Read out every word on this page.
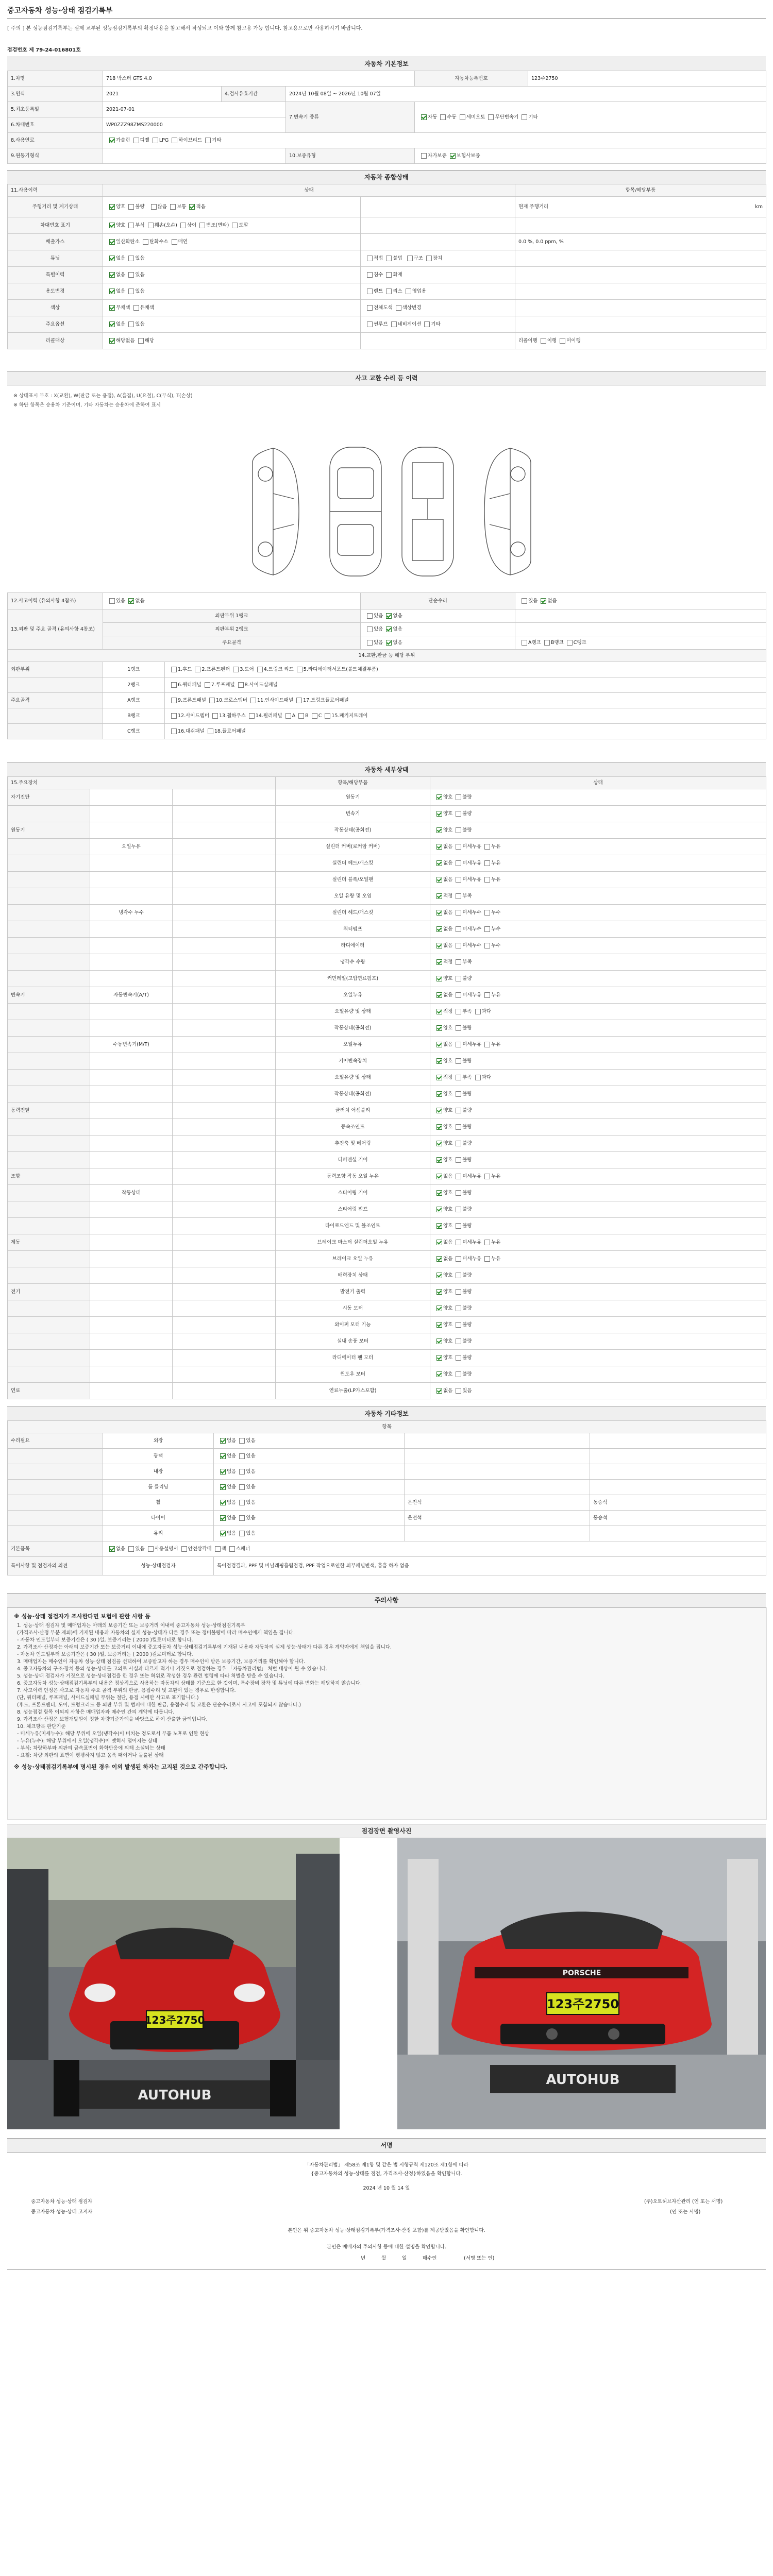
중고자동차 성능·상태 점검기록부
[ 주의 ] 본 성능점검기록부는 실제 교부된 성능점검기록부의 확정내용을 참고해서 작성되고 이와 함께 참고용 가능 합니다. 참고용으로만 사용하시기 바랍니다.
점검번호 제 79-24-016801호
자동차 기본정보
1.차명	718 박스터 GTS 4.0			자동차등록번호	123주2750
3.연식	2021	4.검사유효기간	2024년 10월 08일 ~ 2026년 10월 07일		
5.최초등록일	2021-07-01		7.변속기 종류	자동 수동 세미오토 무단변속기 기타	
6.차대번호	WP0ZZZ98ZMS220000				
8.사용연료	가솔린 디젤 LPG 하이브리드 기타				
9.원동기형식			10.보증유형	자가보증 보험사보증	
자동차 종합상태
11.사용이력	상태		항목/해당부품
주행거리 및 계기상태	양호 불량 많음 보통 적음		현재 주행거리 km

차대번호 표기	양호 부식 훼손(오손) 상이 변조(변타) 도말		
배출가스	일산화탄소 탄화수소 매연		0.0 %, 0.0 ppm, %
튜닝	없음 있음	적법 불법 구조 장치	
특별이력	없음 있음	침수 화재	
용도변경	없음 있음	렌트 리스 영업용	
색상	무채색 유채색	전체도색 색상변경	
주요옵션	없음 있음	썬루프 네비게이션 기타	
리콜대상	해당없음 해당		리콜이행 이행 미이행
사고 교환 수리 등 이력
※ 상태표시 부호 : X(교환), W(판금 또는 용접), A(흠집), U(요철), C(부식), T(손상)
※ 하단 항목은 승용차 기준이며, 기타 자동차는 승용차에 준하여 표시
12.사고이력 (유의사항 4참조)	있음 없음		단순수리	있음 없음
13.외판 및 주요 골격 (유의사항 4참조)	외판부위 1랭크		있음 없음	
	외판부위 2랭크		있음 없음	
	주요골격		있음 없음	A랭크 B랭크 C랭크
14.교환,판금 등 해당 부위				
외판부위	1랭크	1.후드 2.프론트펜더 3.도어 4.트렁크 리드 5.라디에이터서포트(볼트체결부품)		
	2랭크	6.쿼터패널 7.루프패널 8.사이드실패널		
주요골격	A랭크	9.프론트패널 10.크로스멤버 11.인사이드패널 17.트렁크플로어패널		
	B랭크	12.사이드멤버 13.휠하우스 14.필러패널 A B C 15.패키지트레이		
	C랭크	16.대쉬패널 18.플로어패널		
자동차 세부상태
15.주요장치			항목/해당부품	상태
자기진단			원동기	양호 불량
			변속기	양호 불량
원동기			작동상태(공회전)	양호 불량
	오일누유		실린더 커버(로커암 커버)	없음 미세누유 누유
			실린더 헤드/개스킷	없음 미세누유 누유
			실린더 블록/오일팬	없음 미세누유 누유
			오일 유량 및 오염	적정 부족
	냉각수 누수		실린더 헤드/개스킷	없음 미세누수 누수
			워터펌프	없음 미세누수 누수
			라디에이터	없음 미세누수 누수
			냉각수 수량	적정 부족
			커먼레일(고압연료펌프)	양호 불량
변속기	자동변속기(A/T)		오일누유	없음 미세누유 누유
			오일유량 및 상태	적정 부족 과다
			작동상태(공회전)	양호 불량
	수동변속기(M/T)		오일누유	없음 미세누유 누유
			기어변속장치	양호 불량
			오일유량 및 상태	적정 부족 과다
			작동상태(공회전)	양호 불량
동력전달			클러치 어셈블리	양호 불량
			등속조인트	양호 불량
			추진축 및 베어링	양호 불량
			디퍼렌셜 기어	양호 불량
조향			동력조향 작동 오일 누유	없음 미세누유 누유
	작동상태		스티어링 기어	양호 불량
			스티어링 펌프	양호 불량
			타이로드엔드 및 볼조인트	양호 불량
제동			브레이크 마스터 실린더오일 누유	없음 미세누유 누유
			브레이크 오일 누유	없음 미세누유 누유
			배력장치 상태	양호 불량
전기			발전기 출력	양호 불량
			시동 모터	양호 불량
			와이퍼 모터 기능	양호 불량
			실내 송풍 모터	양호 불량
			라디에이터 팬 모터	양호 불량
			윈도우 모터	양호 불량
연료			연료누출(LP가스포함)	없음 있음
자동차 기타정보
항목				
수리필요	외장	없음 있음		
	광택	없음 있음		
	내장	없음 있음		
	룸 클리닝	없음 있음		
	휠	없음 있음	운전석	동승석
	타이어	없음 있음	운전석	동승석
	유리	없음 있음		
기본품목	없음 있음 사용설명서 안전삼각대 잭 스패너			
특이사항 및 점검자의 의견	성능·상태점검자	특이점검결과, PPF 및 비닐래핑흘림점검, PPF 작업으로인한 외부패널변색, 흠흠 하자 없음		
주의사항
※ 성능·상태 점검자가 조사한다면 보험에 관한 사항 등

1. 성능·상태 점검자 및 매매업자는 아래의 보증기간 또는 보증거리 이내에 중고자동차 성능·상태점검기록부

(가격조사·산정 부분 제외)에 기재된 내용과 자동차의 실제 성능·상태가 다른 경우 또는 정비불량에 따라 매수인에게 책임을 집니다.

- 자동차 인도일부터 보증기간은 ( 30 )일, 보증거리는 ( 2000 )킬로미터로 합니다.

2. 가격조사·산정자는 아래의 보증기간 또는 보증거리 이내에 중고자동차 성능·상태점검기록부에 기재된 내용과 자동차의 실제 성능·상태가 다른 경우 계약자에게 책임을 집니다.

- 자동차 인도일부터 보증기간은 ( 30 )일, 보증거리는 ( 2000 )킬로미터로 합니다.

3. 매매업자는 매수인이 자동차 성능·상태 점검을 선택하여 보증받고자 하는 경우 매수인이 받은 보증기간, 보증거리를 확인해야 합니다.

4. 중고자동차의 구조·장치 등의 성능·상태를 고의로 사실과 다르게 적거나 거짓으로 점검하는 경우 「자동차관리법」 처벌 대상이 될 수 있습니다.

5. 성능·상태 점검자가 거짓으로 성능·상태점검을 한 경우 또는 허위로 작성한 경우 관련 법령에 따라 처벌을 받을 수 있습니다.

6. 중고자동차 성능·상태점검기록부의 내용은 정상적으로 사용하는 자동차의 상태를 기준으로 한 것이며, 특수장비 장착 및 튜닝에 따른 변화는 해당하지 않습니다.

7. 사고이력 인정은 사고로 자동차 주요 골격 부위의 판금, 용접수리 및 교환이 있는 경우로 한정합니다.

(단, 쿼터패널, 루프패널, 사이드실패널 부위는 절단, 용접 시에만 사고로 표기합니다.)

(후드, 프론트펜더, 도어, 트렁크리드 등 외판 부위 및 범퍼에 대한 판금, 용접수리 및 교환은 단순수리로서 사고에 포함되지 않습니다.)

8. 성능점검 항목 이외의 사항은 매매업자와 매수인 간의 계약에 따릅니다.

9. 가격조사·산정은 보험개발원이 정한 차량기준가액을 바탕으로 하여 산출한 금액입니다.

10. 체크항목 판단기준

- 미세누유(미세누수): 해당 부위에 오일(냉각수)이 비치는 정도로서 부품 노후로 인한 현상

- 누유(누수): 해당 부위에서 오일(냉각수)이 맺혀서 떨어지는 상태

- 부식: 차량하부와 외판의 금속표면이 화학반응에 의해 소실되는 상태

- 요철: 차량 외판의 표면이 평평하지 않고 움푹 패이거나 돌출된 상태

※ 성능·상태점검기록부에 명시된 경우 이외 발생된 하자는 고지된 것으로 간주합니다.
점검장면 촬영사진
123주2750
AUTOHUB
PORSCHE
123주2750
AUTOHUB
서명
「자동차관리법」 제58조 제1항 및 같은 법 시행규칙 제120조 제1항에 따라
{중고자동차의 성능·상태를 점검, 가격조사·산정}하였음을 확인합니다.
2024 년 10 월 14 일
중고자동차 성능·상태 점검자	(주)오토허브자산관리 (인 또는 서명)
중고자동차 성능·상태 고지자	(인 또는 서명)
본인은 위 중고자동차 성능·상태점검기록부(가격조사·산정 포함)를 제공받았음을 확인합니다.
본인은 매매자의 주의사항 등에 대한 설명을 확인합니다.
년	월	일	매수인	(서명 또는 인)
